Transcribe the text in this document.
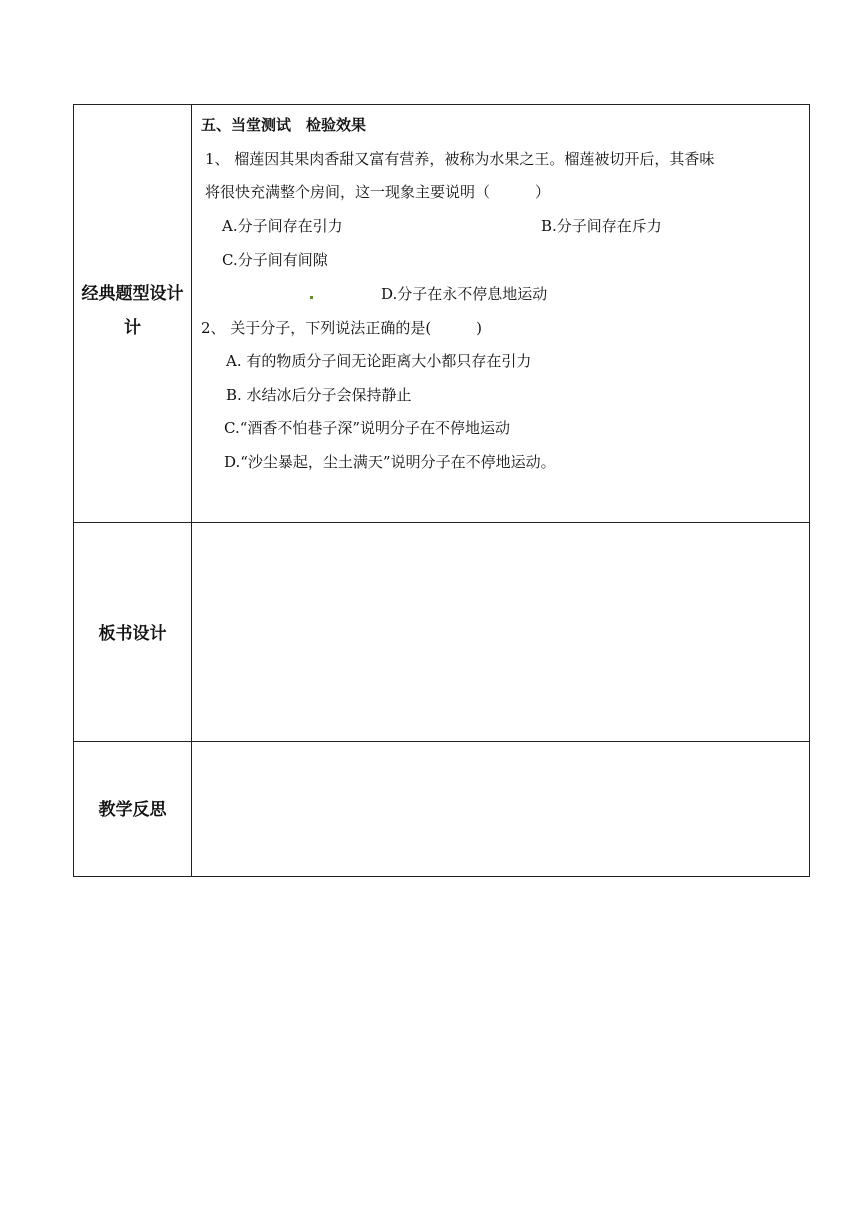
经典题型设计
计
五、当堂测试　检验效果
1、 榴莲因其果肉香甜又富有营养，被称为水果之王。榴莲被切开后，其香味
将很快充满整个房间，这一现象主要说明（　　　）
A.分子间存在引力	B.分子间存在斥力
C.分子间有间隙
D.分子在永不停息地运动
2、 关于分子，下列说法正确的是(　　　)
A. 有的物质分子间无论距离大小都只存在引力
B. 水结冰后分子会保持静止
C.“酒香不怕巷子深”说明分子在不停地运动
D.“沙尘暴起，尘土满天”说明分子在不停地运动。
板书设计
教学反思
